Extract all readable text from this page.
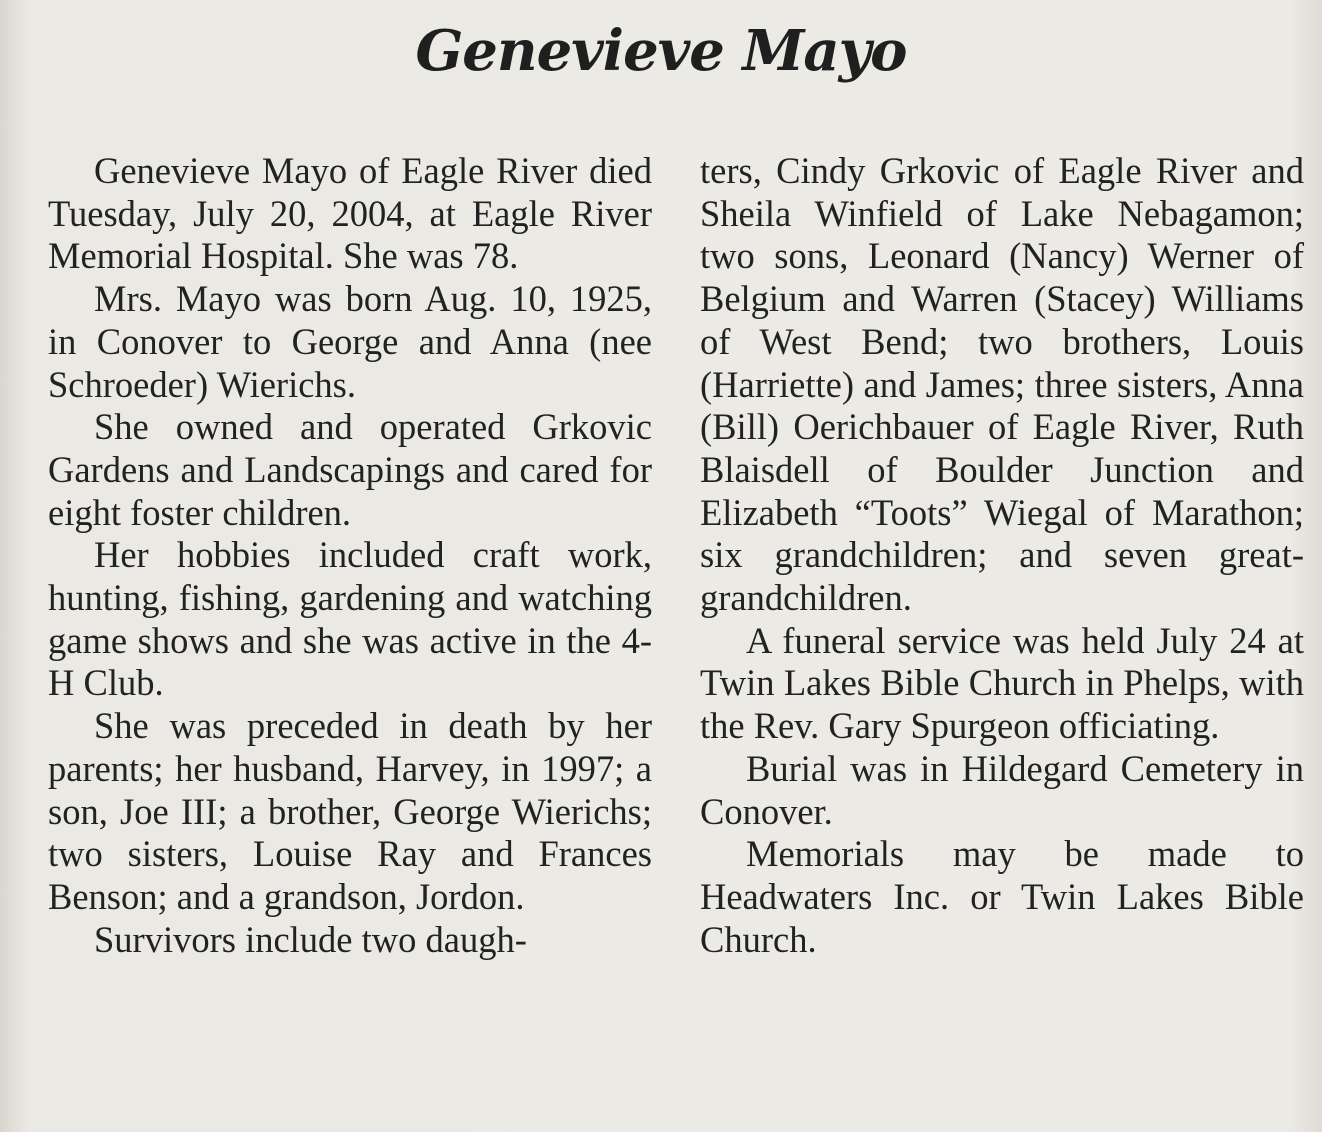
Genevieve Mayo

Genevieve Mayo of Eagle River died Tuesday, July 20, 2004, at Eagle River Memorial Hospital. She was 78.

Mrs. Mayo was born Aug. 10, 1925, in Conover to George and Anna (nee Schroeder) Wierichs.

She owned and operated Grkovic Gardens and Landscapings and cared for eight foster children.

Her hobbies included craft work, hunting, fishing, gardening and watching game shows and she was active in the 4-H Club.

She was preceded in death by her parents; her husband, Harvey, in 1997; a son, Joe III; a brother, George Wierichs; two sisters, Louise Ray and Frances Benson; and a grandson, Jordon.

Survivors include two daugh-

ters, Cindy Grkovic of Eagle River and Sheila Winfield of Lake Nebagamon; two sons, Leonard (Nancy) Werner of Belgium and Warren (Stacey) Williams of West Bend; two brothers, Louis (Harriette) and James; three sisters, Anna (Bill) Oerichbauer of Eagle River, Ruth Blaisdell of Boulder Junction and Elizabeth “Toots” Wiegal of Marathon; six grandchildren; and seven great-grandchildren.

A funeral service was held July 24 at Twin Lakes Bible Church in Phelps, with the Rev. Gary Spurgeon officiating.

Burial was in Hildegard Cemetery in Conover.

Memorials may be made to Headwaters Inc. or Twin Lakes Bible Church.
